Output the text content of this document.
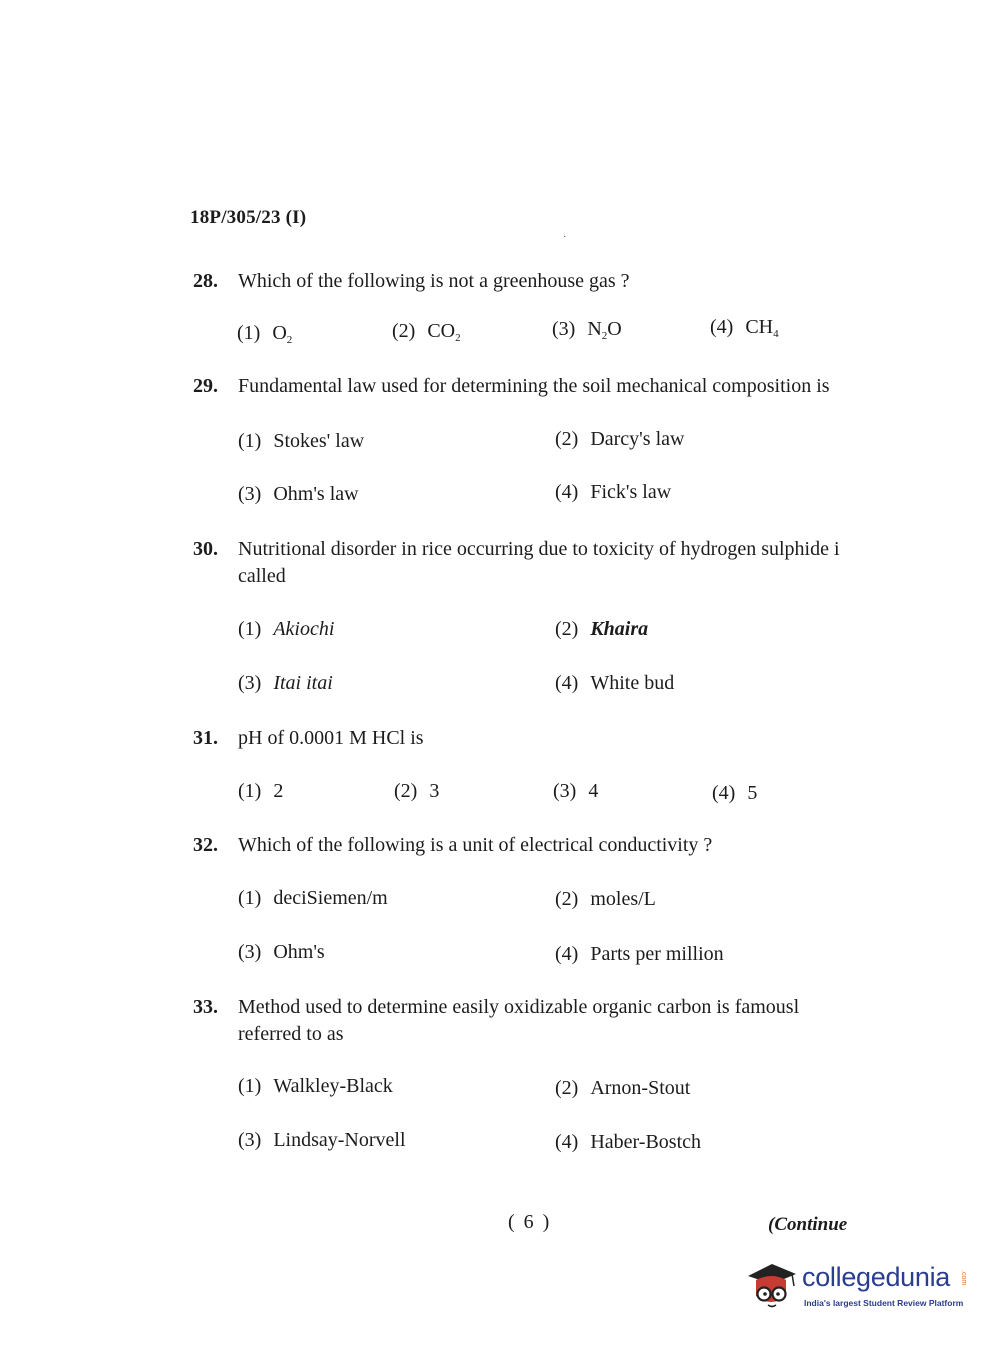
18P/305/23 (I)
·
28. Which of the following is not a greenhouse gas ?
(1) $O_2$	(2) $CO_2$	(3) $N_2O$	(4) $CH_4$
29. Fundamental law used for determining the soil mechanical composition is
(1) Stokes' law	(2) Darcy's law
(3) Ohm's law	(4) Fick's law
30. Nutritional disorder in rice occurring due to toxicity of hydrogen sulphide i called
(1) Akiochi	(2) Khaira
(3) Itai itai	(4) White bud
31. pH of 0.0001 M HCl is
(1) 2	(2) 3	(3) 4	(4) 5
32. Which of the following is a unit of electrical conductivity ?
(1) deciSiemen/m	(2) moles/L
(3) Ohm's	(4) Parts per million
33. Method used to determine easily oxidizable organic carbon is famousl referred to as
(1) Walkley-Black	(2) Arnon-Stout
(3) Lindsay-Norvell	(4) Haber-Bostch
( 6 )	(Continue
collegedunia .com
India's largest Student Review Platform
